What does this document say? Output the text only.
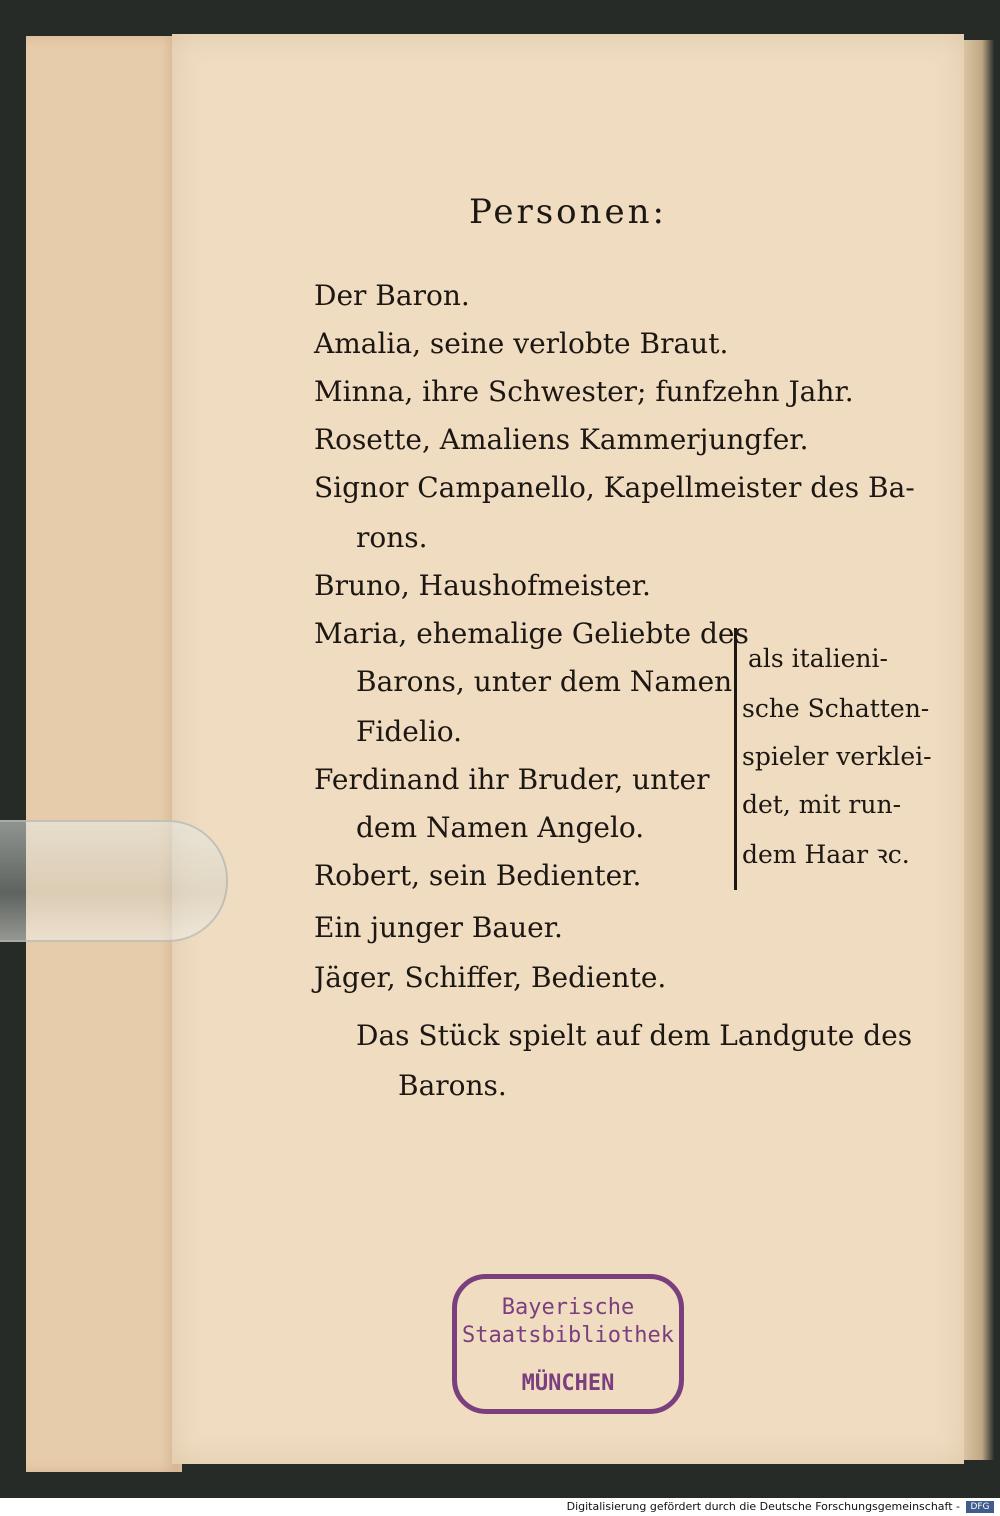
Personen:
Der Baron.
Amalia, seine verlobte Braut.
Minna, ihre Schwester; funfzehn Jahr.
Rosette, Amaliens Kammerjungfer.
Signor Campanello, Kapellmeister des Ba-
rons.
Bruno, Haushofmeister.
Maria, ehemalige Geliebte des
Barons, unter dem Namen
Fidelio.
Ferdinand ihr Bruder, unter
dem Namen Angelo.
Robert, sein Bedienter.
Ein junger Bauer.
Jäger, Schiffer, Bediente.
als italieni-
sche Schatten-
spieler verklei-
det, mit run-
dem Haar ꝛc.
Das Stück spielt auf dem Landgute des
Barons.
Bayerische
Staatsbibliothek
MÜNCHEN
Digitalisierung gefördert durch die Deutsche Forschungsgemeinschaft -	DFG
